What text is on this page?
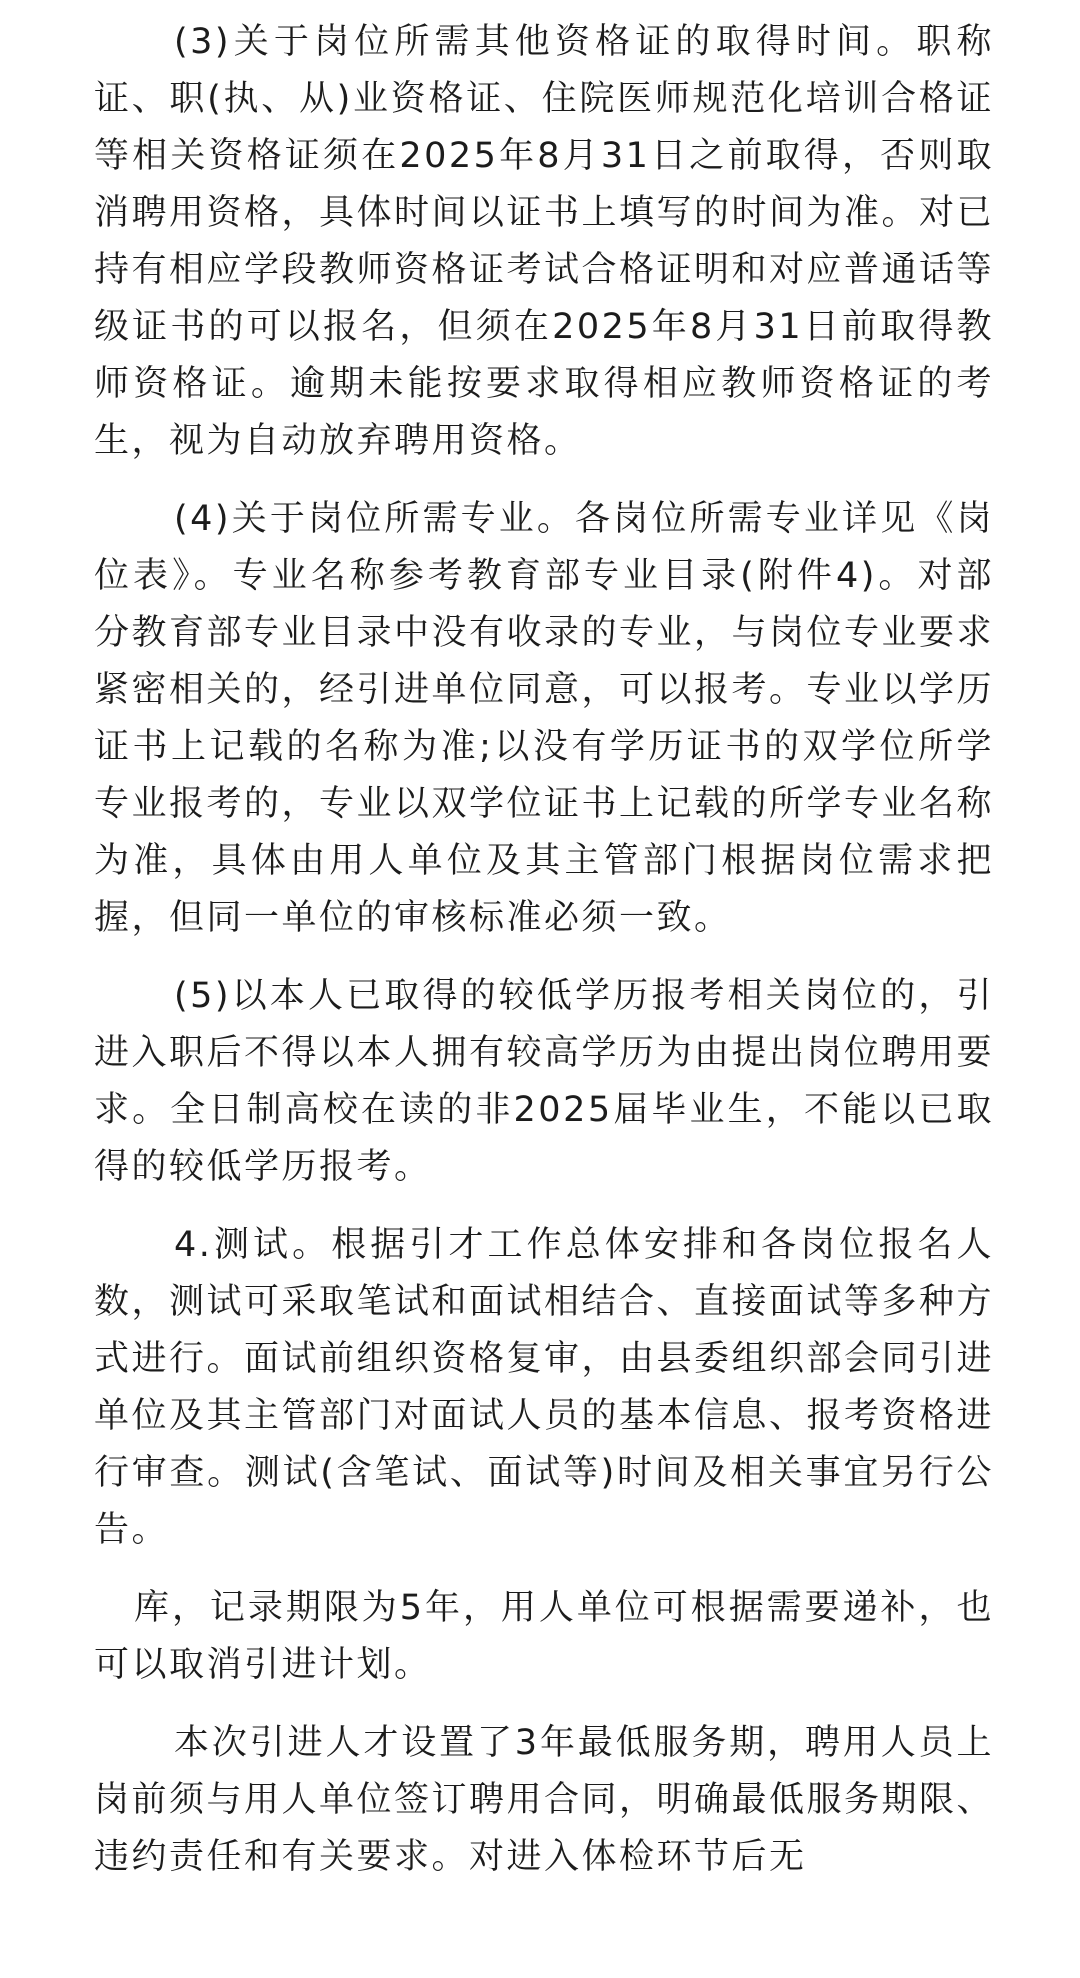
(3)关于岗位所需其他资格证的取得时间。职称证、职(执、从)业资格证、住院医师规范化培训合格证等相关资格证须在2025年8月31日之前取得，否则取消聘用资格，具体时间以证书上填写的时间为准。对已持有相应学段教师资格证考试合格证明和对应普通话等级证书的可以报名，但须在2025年8月31日前取得教师资格证。逾期未能按要求取得相应教师资格证的考生，视为自动放弃聘用资格。

(4)关于岗位所需专业。各岗位所需专业详见《岗位表》。专业名称参考教育部专业目录(附件4)。对部分教育部专业目录中没有收录的专业，与岗位专业要求紧密相关的，经引进单位同意，可以报考。专业以学历证书上记载的名称为准;以没有学历证书的双学位所学专业报考的，专业以双学位证书上记载的所学专业名称为准，具体由用人单位及其主管部门根据岗位需求把握，但同一单位的审核标准必须一致。

(5)以本人已取得的较低学历报考相关岗位的，引进入职后不得以本人拥有较高学历为由提出岗位聘用要求。全日制高校在读的非2025届毕业生，不能以已取得的较低学历报考。

4.测试。根据引才工作总体安排和各岗位报名人数，测试可采取笔试和面试相结合、直接面试等多种方式进行。面试前组织资格复审，由县委组织部会同引进单位及其主管部门对面试人员的基本信息、报考资格进行审查。测试(含笔试、面试等)时间及相关事宜另行公告。

库，记录期限为5年，用人单位可根据需要递补，也可以取消引进计划。

本次引进人才设置了3年最低服务期，聘用人员上岗前须与用人单位签订聘用合同，明确最低服务期限、违约责任和有关要求。对进入体检环节后无
